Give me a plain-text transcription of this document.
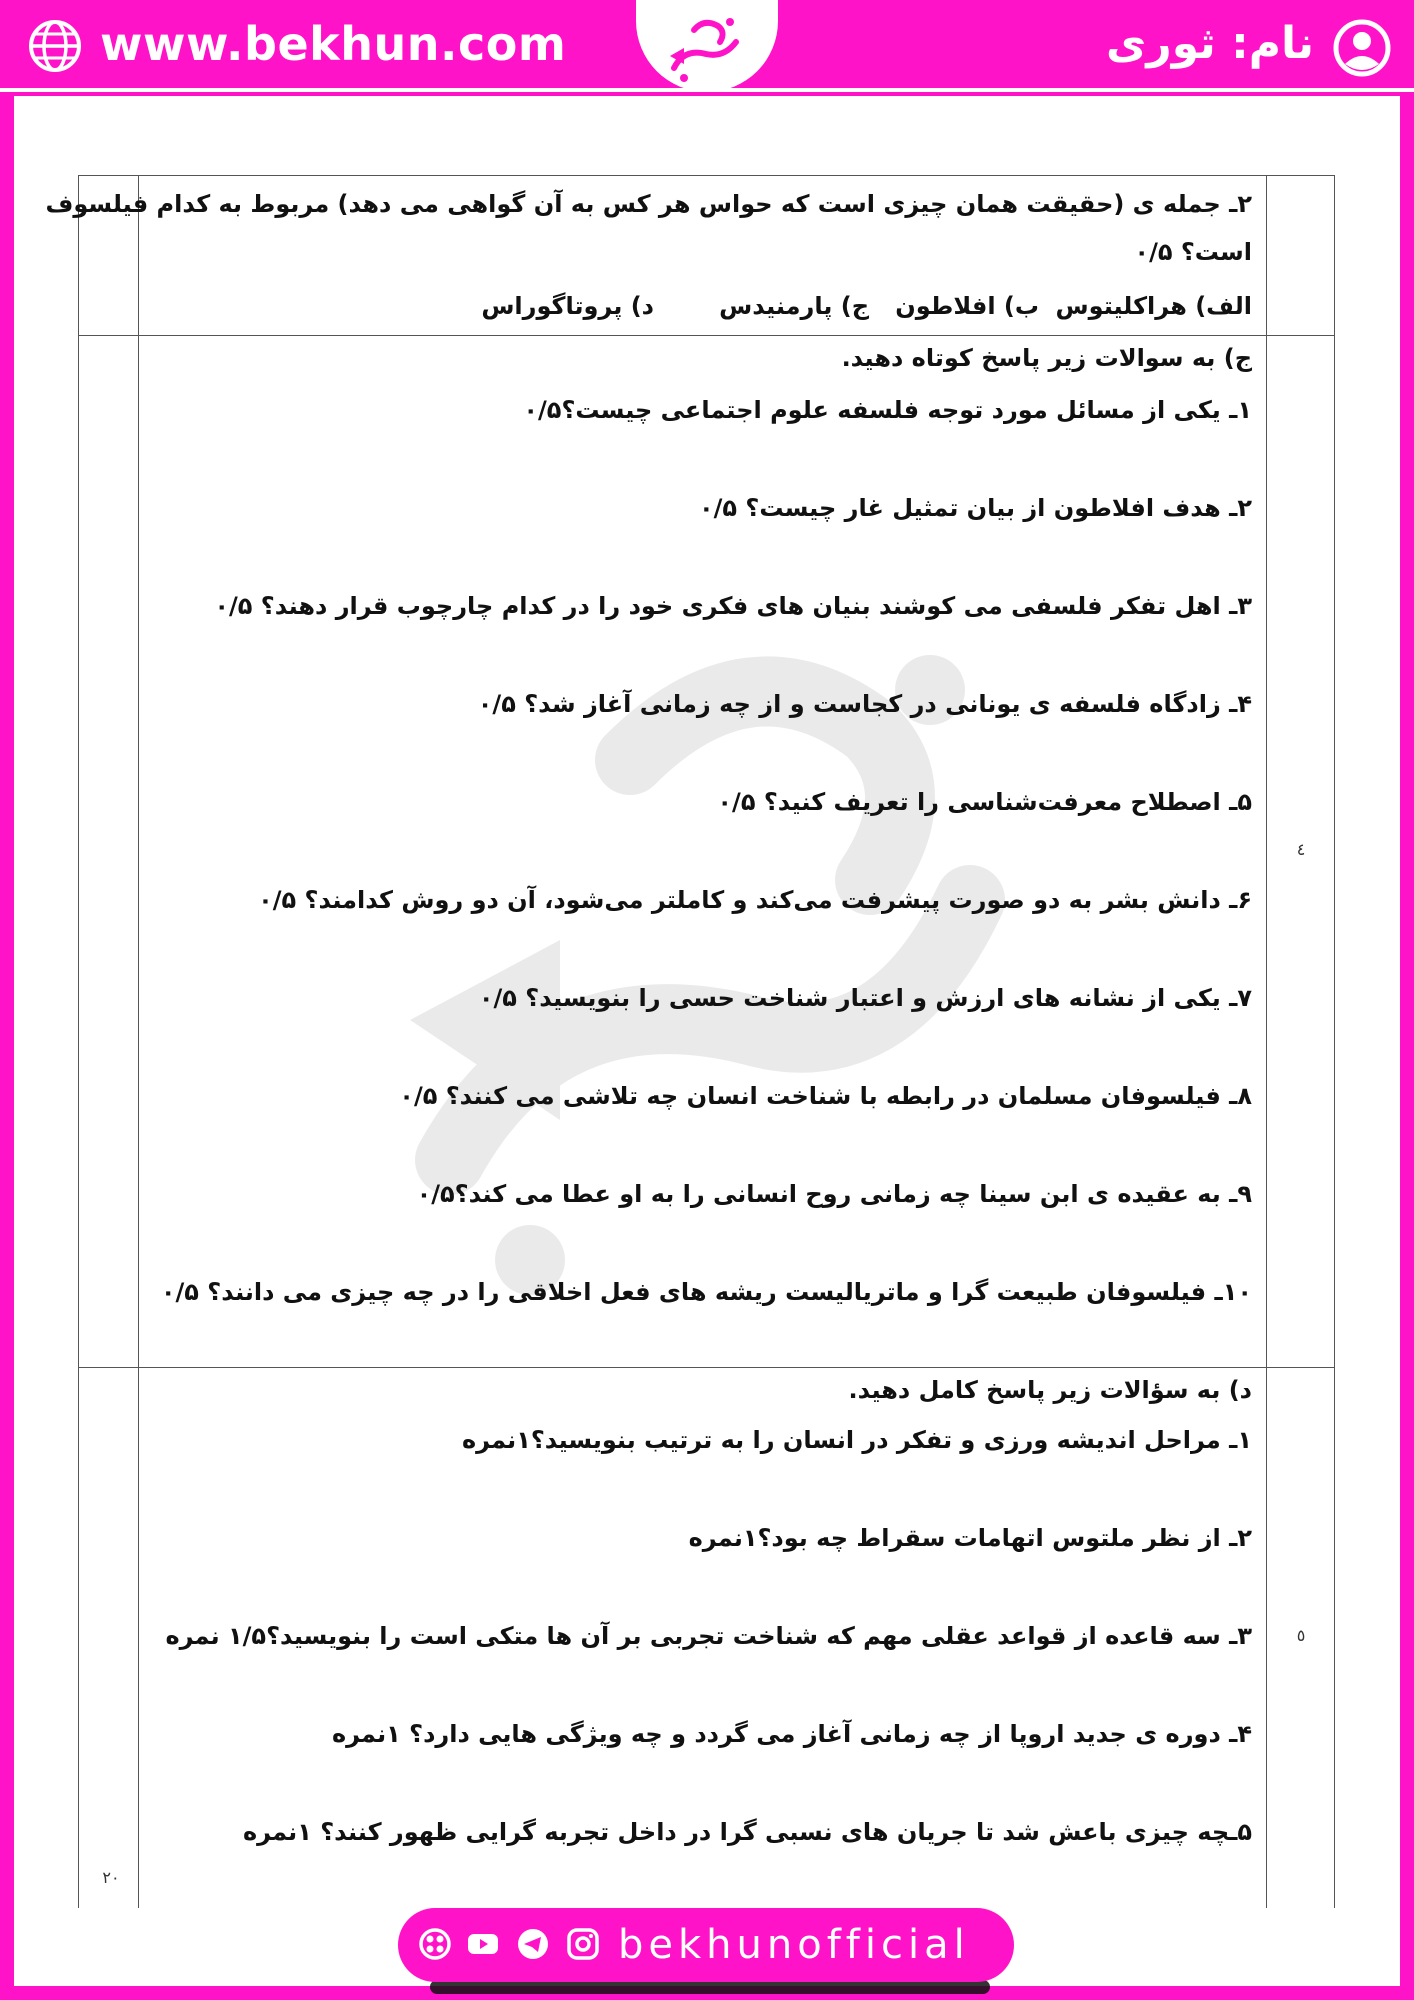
www.bekhun.com	نام: ثوری
۲ـ جمله ی (حقیقت همان چیزی است که حواس هر کس به آن گواهی می دهد) مربوط به کدام فیلسوف
است؟ ۰/۵
الف) هراکلیتوس
ب) افلاطون
ج) پارمنیدس
د) پروتاگوراس
ج) به سوالات زیر پاسخ کوتاه دهید.
۱ـ یکی از مسائل مورد توجه فلسفه علوم اجتماعی چیست؟۰/۵
۲ـ هدف افلاطون از بیان تمثیل غار چیست؟ ۰/۵
۳ـ اهل تفکر فلسفی می کوشند بنیان های فکری خود را در کدام چارچوب قرار دهند؟ ۰/۵
۴ـ زادگاه فلسفه ی یونانی در کجاست و از چه زمانی آغاز شد؟ ۰/۵
۵ـ اصطلاح معرفت‌شناسی را تعریف کنید؟ ۰/۵
۶ـ دانش بشر به دو صورت پیشرفت می‌کند و کاملتر می‌شود، آن دو روش کدامند؟ ۰/۵
۷ـ یکی از نشانه های ارزش و اعتبار شناخت حسی را بنویسید؟ ۰/۵
۸ـ فیلسوفان مسلمان در رابطه با شناخت انسان چه تلاشی می کنند؟ ۰/۵
۹ـ به عقیده ی ابن سینا چه زمانی روح انسانی را به او عطا می کند؟۰/۵
۱۰ـ فیلسوفان طبیعت گرا و ماتریالیست ریشه های فعل اخلاقی را در چه چیزی می دانند؟ ۰/۵
٤
د) به سؤالات زیر پاسخ کامل دهید.
۱ـ مراحل اندیشه ورزی و تفکر در انسان را به ترتیب بنویسید؟۱نمره
۲ـ از نظر ملتوس اتهامات سقراط چه بود؟۱نمره
۳ـ سه قاعده از قواعد عقلی مهم که شناخت تجربی بر آن ها متکی است را بنویسید؟۱/۵ نمره
۴ـ دوره ی جدید اروپا از چه زمانی آغاز می گردد و چه ویژگی هایی دارد؟ ۱نمره
۵ـچه چیزی باعش شد تا جریان های نسبی گرا در داخل تجربه گرایی ظهور کنند؟ ۱نمره
٥
۲۰
bekhunofficial
